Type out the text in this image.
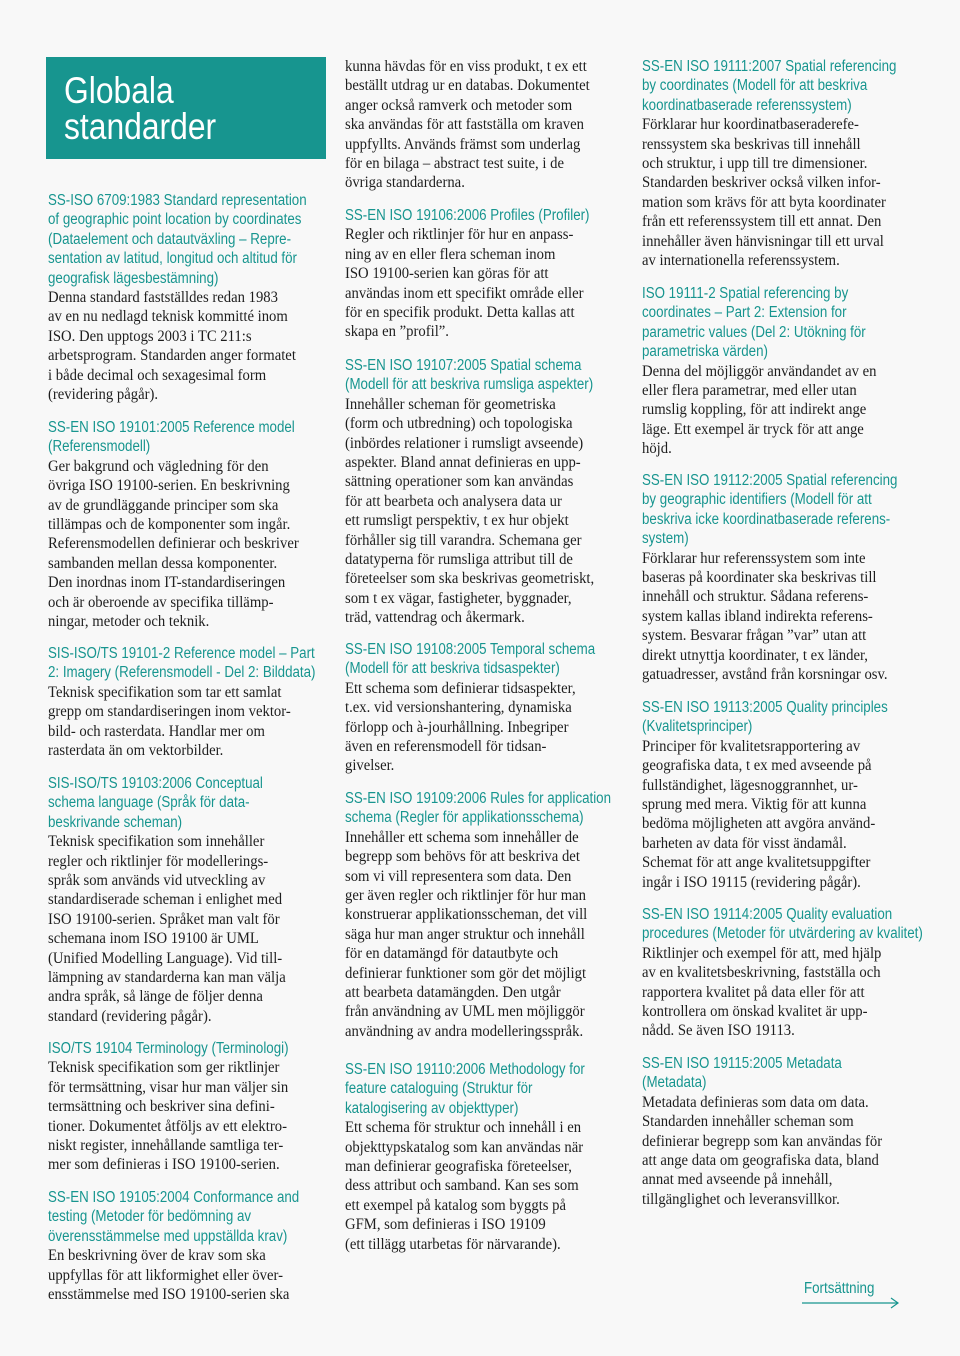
Globala
standarder
SS-ISO 6709:1983 Standard representation
of geographic point location by coordinates
(Dataelement och datautväxling – Repre-
sentation av latitud, longitud och altitud för
geografisk lägesbestämning)
Denna standard fastställdes redan 1983
av en nu nedlagd teknisk kommitté inom
ISO. Den upptogs 2003 i TC 211:s
arbetsprogram. Standarden anger formatet
i både decimal och sexagesimal form
(revidering pågår).
SS-EN ISO 19101:2005 Reference model
(Referensmodell)
Ger bakgrund och vägledning för den
övriga ISO 19100-serien. En beskrivning
av de grundläggande principer som ska
tillämpas och de komponenter som ingår.
Referensmodellen definierar och beskriver
sambanden mellan dessa komponenter.
Den inordnas inom IT-standardiseringen
och är oberoende av specifika tillämp-
ningar, metoder och teknik.
SIS-ISO/TS 19101-2 Reference model – Part
2: Imagery (Referensmodell - Del 2: Bilddata)
Teknisk specifikation som tar ett samlat
grepp om standardiseringen inom vektor-
bild- och rasterdata. Handlar mer om
rasterdata än om vektorbilder.
SIS-ISO/TS 19103:2006 Conceptual
schema language (Språk för data-
beskrivande scheman)
Teknisk specifikation som innehåller
regler och riktlinjer för modellerings-
språk som används vid utveckling av
standardiserade scheman i enlighet med
ISO 19100-serien. Språket man valt för
schemana inom ISO 19100 är UML
(Unified Modelling Language). Vid till-
lämpning av standarderna kan man välja
andra språk, så länge de följer denna
standard (revidering pågår).
ISO/TS 19104 Terminology (Terminologi)
Teknisk specifikation som ger riktlinjer
för termsättning, visar hur man väljer sin
termsättning och beskriver sina defini-
tioner. Dokumentet åtföljs av ett elektro-
niskt register, innehållande samtliga ter-
mer som definieras i ISO 19100-serien.
SS-EN ISO 19105:2004 Conformance and
testing (Metoder för bedömning av
överensstämmelse med uppställda krav)
En beskrivning över de krav som ska
uppfyllas för att likformighet eller över-
ensstämmelse med ISO 19100-serien ska
kunna hävdas för en viss produkt, t ex ett
beställt utdrag ur en databas. Dokumentet
anger också ramverk och metoder som
ska användas för att fastställa om kraven
uppfyllts. Används främst som underlag
för en bilaga – abstract test suite, i de
övriga standarderna.
SS-EN ISO 19106:2006 Profiles (Profiler)
Regler och riktlinjer för hur en anpass-
ning av en eller flera scheman inom
ISO 19100-serien kan göras för att
användas inom ett specifikt område eller
för en specifik produkt. Detta kallas att
skapa en ”profil”.
SS-EN ISO 19107:2005 Spatial schema
(Modell för att beskriva rumsliga aspekter)
Innehåller scheman för geometriska
(form och utbredning) och topologiska
(inbördes relationer i rumsligt avseende)
aspekter. Bland annat definieras en upp-
sättning operationer som kan användas
för att bearbeta och analysera data ur
ett rumsligt perspektiv, t ex hur objekt
förhåller sig till varandra. Schemana ger
datatyperna för rumsliga attribut till de
företeelser som ska beskrivas geometriskt,
som t ex vägar, fastigheter, byggnader,
träd, vattendrag och åkermark.
SS-EN ISO 19108:2005 Temporal schema
(Modell för att beskriva tidsaspekter)
Ett schema som definierar tidsaspekter,
t.ex. vid versionshantering, dynamiska
förlopp och à-jourhållning. Inbegriper
även en referensmodell för tidsan-
givelser.
SS-EN ISO 19109:2006 Rules for application
schema (Regler för applikationsschema)
Innehåller ett schema som innehåller de
begrepp som behövs för att beskriva det
som vi vill representera som data. Den
ger även regler och riktlinjer för hur man
konstruerar applikationsscheman, det vill
säga hur man anger struktur och innehåll
för en datamängd för datautbyte och
definierar funktioner som gör det möjligt
att bearbeta datamängden. Den utgår
från användning av UML men möjliggör
användning av andra modelleringsspråk.
SS-EN ISO 19110:2006 Methodology for
feature cataloguing (Struktur för
katalogisering av objekttyper)
Ett schema för struktur och innehåll i en
objekttypskatalog som kan användas när
man definierar geografiska företeelser,
dess attribut och samband. Kan ses som
ett exempel på katalog som byggts på
GFM, som definieras i ISO 19109
(ett tillägg utarbetas för närvarande).
SS-EN ISO 19111:2007 Spatial referencing
by coordinates (Modell för att beskriva
koordinatbaserade referenssystem)
Förklarar hur koordinatbaseraderefe-
renssystem ska beskrivas till innehåll
och struktur, i upp till tre dimensioner.
Standarden beskriver också vilken infor-
mation som krävs för att byta koordinater
från ett referenssystem till ett annat. Den
innehåller även hänvisningar till ett urval
av internationella referenssystem.
ISO 19111-2 Spatial referencing by
coordinates – Part 2: Extension for
parametric values (Del 2: Utökning för
parametriska värden)
Denna del möjliggör användandet av en
eller flera parametrar, med eller utan
rumslig koppling, för att indirekt ange
läge. Ett exempel är tryck för att ange
höjd.
SS-EN ISO 19112:2005 Spatial referencing
by geographic identifiers (Modell för att
beskriva icke koordinatbaserade referens-
system)
Förklarar hur referenssystem som inte
baseras på koordinater ska beskrivas till
innehåll och struktur. Sådana referens-
system kallas ibland indirekta referens-
system. Besvarar frågan ”var” utan att
direkt utnyttja koordinater, t ex länder,
gatuadresser, avstånd från korsningar osv.
SS-EN ISO 19113:2005 Quality principles
(Kvalitetsprinciper)
Principer för kvalitetsrapportering av
geografiska data, t ex med avseende på
fullständighet, lägesnoggrannhet, ur-
sprung med mera. Viktig för att kunna
bedöma möjligheten att avgöra använd-
barheten av data för visst ändamål.
Schemat för att ange kvalitetsuppgifter
ingår i ISO 19115 (revidering pågår).
SS-EN ISO 19114:2005 Quality evaluation
procedures (Metoder för utvärdering av kvalitet)
Riktlinjer och exempel för att, med hjälp
av en kvalitetsbeskrivning, fastställa och
rapportera kvalitet på data eller för att
kontrollera om önskad kvalitet är upp-
nådd. Se även ISO 19113.
SS-EN ISO 19115:2005 Metadata
(Metadata)
Metadata definieras som data om data.
Standarden innehåller scheman som
definierar begrepp som kan användas för
att ange data om geografiska data, bland
annat med avseende på innehåll,
tillgänglighet och leveransvillkor.
Fortsättning
